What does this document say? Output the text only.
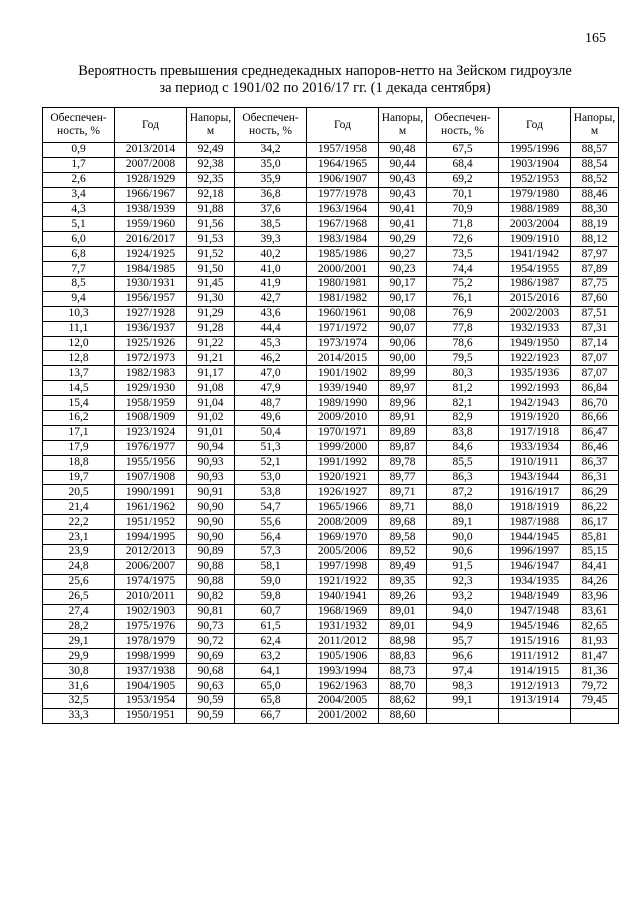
165
Вероятность превышения среднедекадных напоров-нетто на Зейском гидроузле
за период с 1901/02 по 2016/17 гг. (1 декада сентября)
Обеспечен-ность, %	Год	Напоры, м	Обеспечен-ность, %	Год	Напоры, м	Обеспечен-ность, %	Год	Напоры, м
0,9	2013/2014	92,49	34,2	1957/1958	90,48	67,5	1995/1996	88,57
1,7	2007/2008	92,38	35,0	1964/1965	90,44	68,4	1903/1904	88,54
2,6	1928/1929	92,35	35,9	1906/1907	90,43	69,2	1952/1953	88,52
3,4	1966/1967	92,18	36,8	1977/1978	90,43	70,1	1979/1980	88,46
4,3	1938/1939	91,88	37,6	1963/1964	90,41	70,9	1988/1989	88,30
5,1	1959/1960	91,56	38,5	1967/1968	90,41	71,8	2003/2004	88,19
6,0	2016/2017	91,53	39,3	1983/1984	90,29	72,6	1909/1910	88,12
6,8	1924/1925	91,52	40,2	1985/1986	90,27	73,5	1941/1942	87,97
7,7	1984/1985	91,50	41,0	2000/2001	90,23	74,4	1954/1955	87,89
8,5	1930/1931	91,45	41,9	1980/1981	90,17	75,2	1986/1987	87,75
9,4	1956/1957	91,30	42,7	1981/1982	90,17	76,1	2015/2016	87,60
10,3	1927/1928	91,29	43,6	1960/1961	90,08	76,9	2002/2003	87,51
11,1	1936/1937	91,28	44,4	1971/1972	90,07	77,8	1932/1933	87,31
12,0	1925/1926	91,22	45,3	1973/1974	90,06	78,6	1949/1950	87,14
12,8	1972/1973	91,21	46,2	2014/2015	90,00	79,5	1922/1923	87,07
13,7	1982/1983	91,17	47,0	1901/1902	89,99	80,3	1935/1936	87,07
14,5	1929/1930	91,08	47,9	1939/1940	89,97	81,2	1992/1993	86,84
15,4	1958/1959	91,04	48,7	1989/1990	89,96	82,1	1942/1943	86,70
16,2	1908/1909	91,02	49,6	2009/2010	89,91	82,9	1919/1920	86,66
17,1	1923/1924	91,01	50,4	1970/1971	89,89	83,8	1917/1918	86,47
17,9	1976/1977	90,94	51,3	1999/2000	89,87	84,6	1933/1934	86,46
18,8	1955/1956	90,93	52,1	1991/1992	89,78	85,5	1910/1911	86,37
19,7	1907/1908	90,93	53,0	1920/1921	89,77	86,3	1943/1944	86,31
20,5	1990/1991	90,91	53,8	1926/1927	89,71	87,2	1916/1917	86,29
21,4	1961/1962	90,90	54,7	1965/1966	89,71	88,0	1918/1919	86,22
22,2	1951/1952	90,90	55,6	2008/2009	89,68	89,1	1987/1988	86,17
23,1	1994/1995	90,90	56,4	1969/1970	89,58	90,0	1944/1945	85,81
23,9	2012/2013	90,89	57,3	2005/2006	89,52	90,6	1996/1997	85,15
24,8	2006/2007	90,88	58,1	1997/1998	89,49	91,5	1946/1947	84,41
25,6	1974/1975	90,88	59,0	1921/1922	89,35	92,3	1934/1935	84,26
26,5	2010/2011	90,82	59,8	1940/1941	89,26	93,2	1948/1949	83,96
27,4	1902/1903	90,81	60,7	1968/1969	89,01	94,0	1947/1948	83,61
28,2	1975/1976	90,73	61,5	1931/1932	89,01	94,9	1945/1946	82,65
29,1	1978/1979	90,72	62,4	2011/2012	88,98	95,7	1915/1916	81,93
29,9	1998/1999	90,69	63,2	1905/1906	88,83	96,6	1911/1912	81,47
30,8	1937/1938	90,68	64,1	1993/1994	88,73	97,4	1914/1915	81,36
31,6	1904/1905	90,63	65,0	1962/1963	88,70	98,3	1912/1913	79,72
32,5	1953/1954	90,59	65,8	2004/2005	88,62	99,1	1913/1914	79,45
33,3	1950/1951	90,59	66,7	2001/2002	88,60			
